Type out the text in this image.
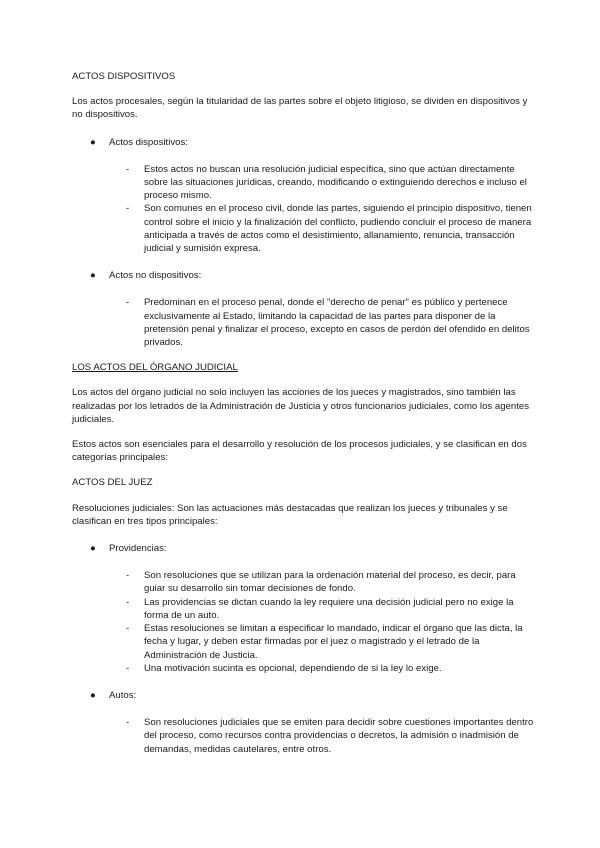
ACTOS DISPOSITIVOS

Los actos procesales, según la titularidad de las partes sobre el objeto litigioso, se dividen en dispositivos y no dispositivos.

● Actos dispositivos:

- Estos actos no buscan una resolución judicial específica, sino que actúan directamente sobre las situaciones jurídicas, creando, modificando o extinguiendo derechos e incluso el proceso mismo.

- Son comunes en el proceso civil, donde las partes, siguiendo el principio dispositivo, tienen control sobre el inicio y la finalización del conflicto, pudiendo concluir el proceso de manera anticipada a través de actos como el desistimiento, allanamiento, renuncia, transacción judicial y sumisión expresa.

● Actos no dispositivos:

- Predominan en el proceso penal, donde el "derecho de penar" es público y pertenece exclusivamente al Estado, limitando la capacidad de las partes para disponer de la pretensión penal y finalizar el proceso, excepto en casos de perdón del ofendido en delitos privados.

LOS ACTOS DEL ÓRGANO JUDICIAL

Los actos del órgano judicial no solo incluyen las acciones de los jueces y magistrados, sino también las realizadas por los letrados de la Administración de Justicia y otros funcionarios judiciales, como los agentes judiciales.

Estos actos son esenciales para el desarrollo y resolución de los procesos judiciales, y se clasifican en dos categorías principales:

ACTOS DEL JUEZ

Resoluciones judiciales: Son las actuaciones más destacadas que realizan los jueces y tribunales y se clasifican en tres tipos principales:

● Providencias:

- Son resoluciones que se utilizan para la ordenación material del proceso, es decir, para guiar su desarrollo sin tomar decisiones de fondo.

- Las providencias se dictan cuando la ley requiere una decisión judicial pero no exige la forma de un auto.

- Estas resoluciones se limitan a especificar lo mandado, indicar el órgano que las dicta, la fecha y lugar, y deben estar firmadas por el juez o magistrado y el letrado de la Administración de Justicia.

- Una motivación sucinta es opcional, dependiendo de si la ley lo exige.

● Autos:

- Son resoluciones judiciales que se emiten para decidir sobre cuestiones importantes dentro del proceso, como recursos contra providencias o decretos, la admisión o inadmisión de demandas, medidas cautelares, entre otros.
